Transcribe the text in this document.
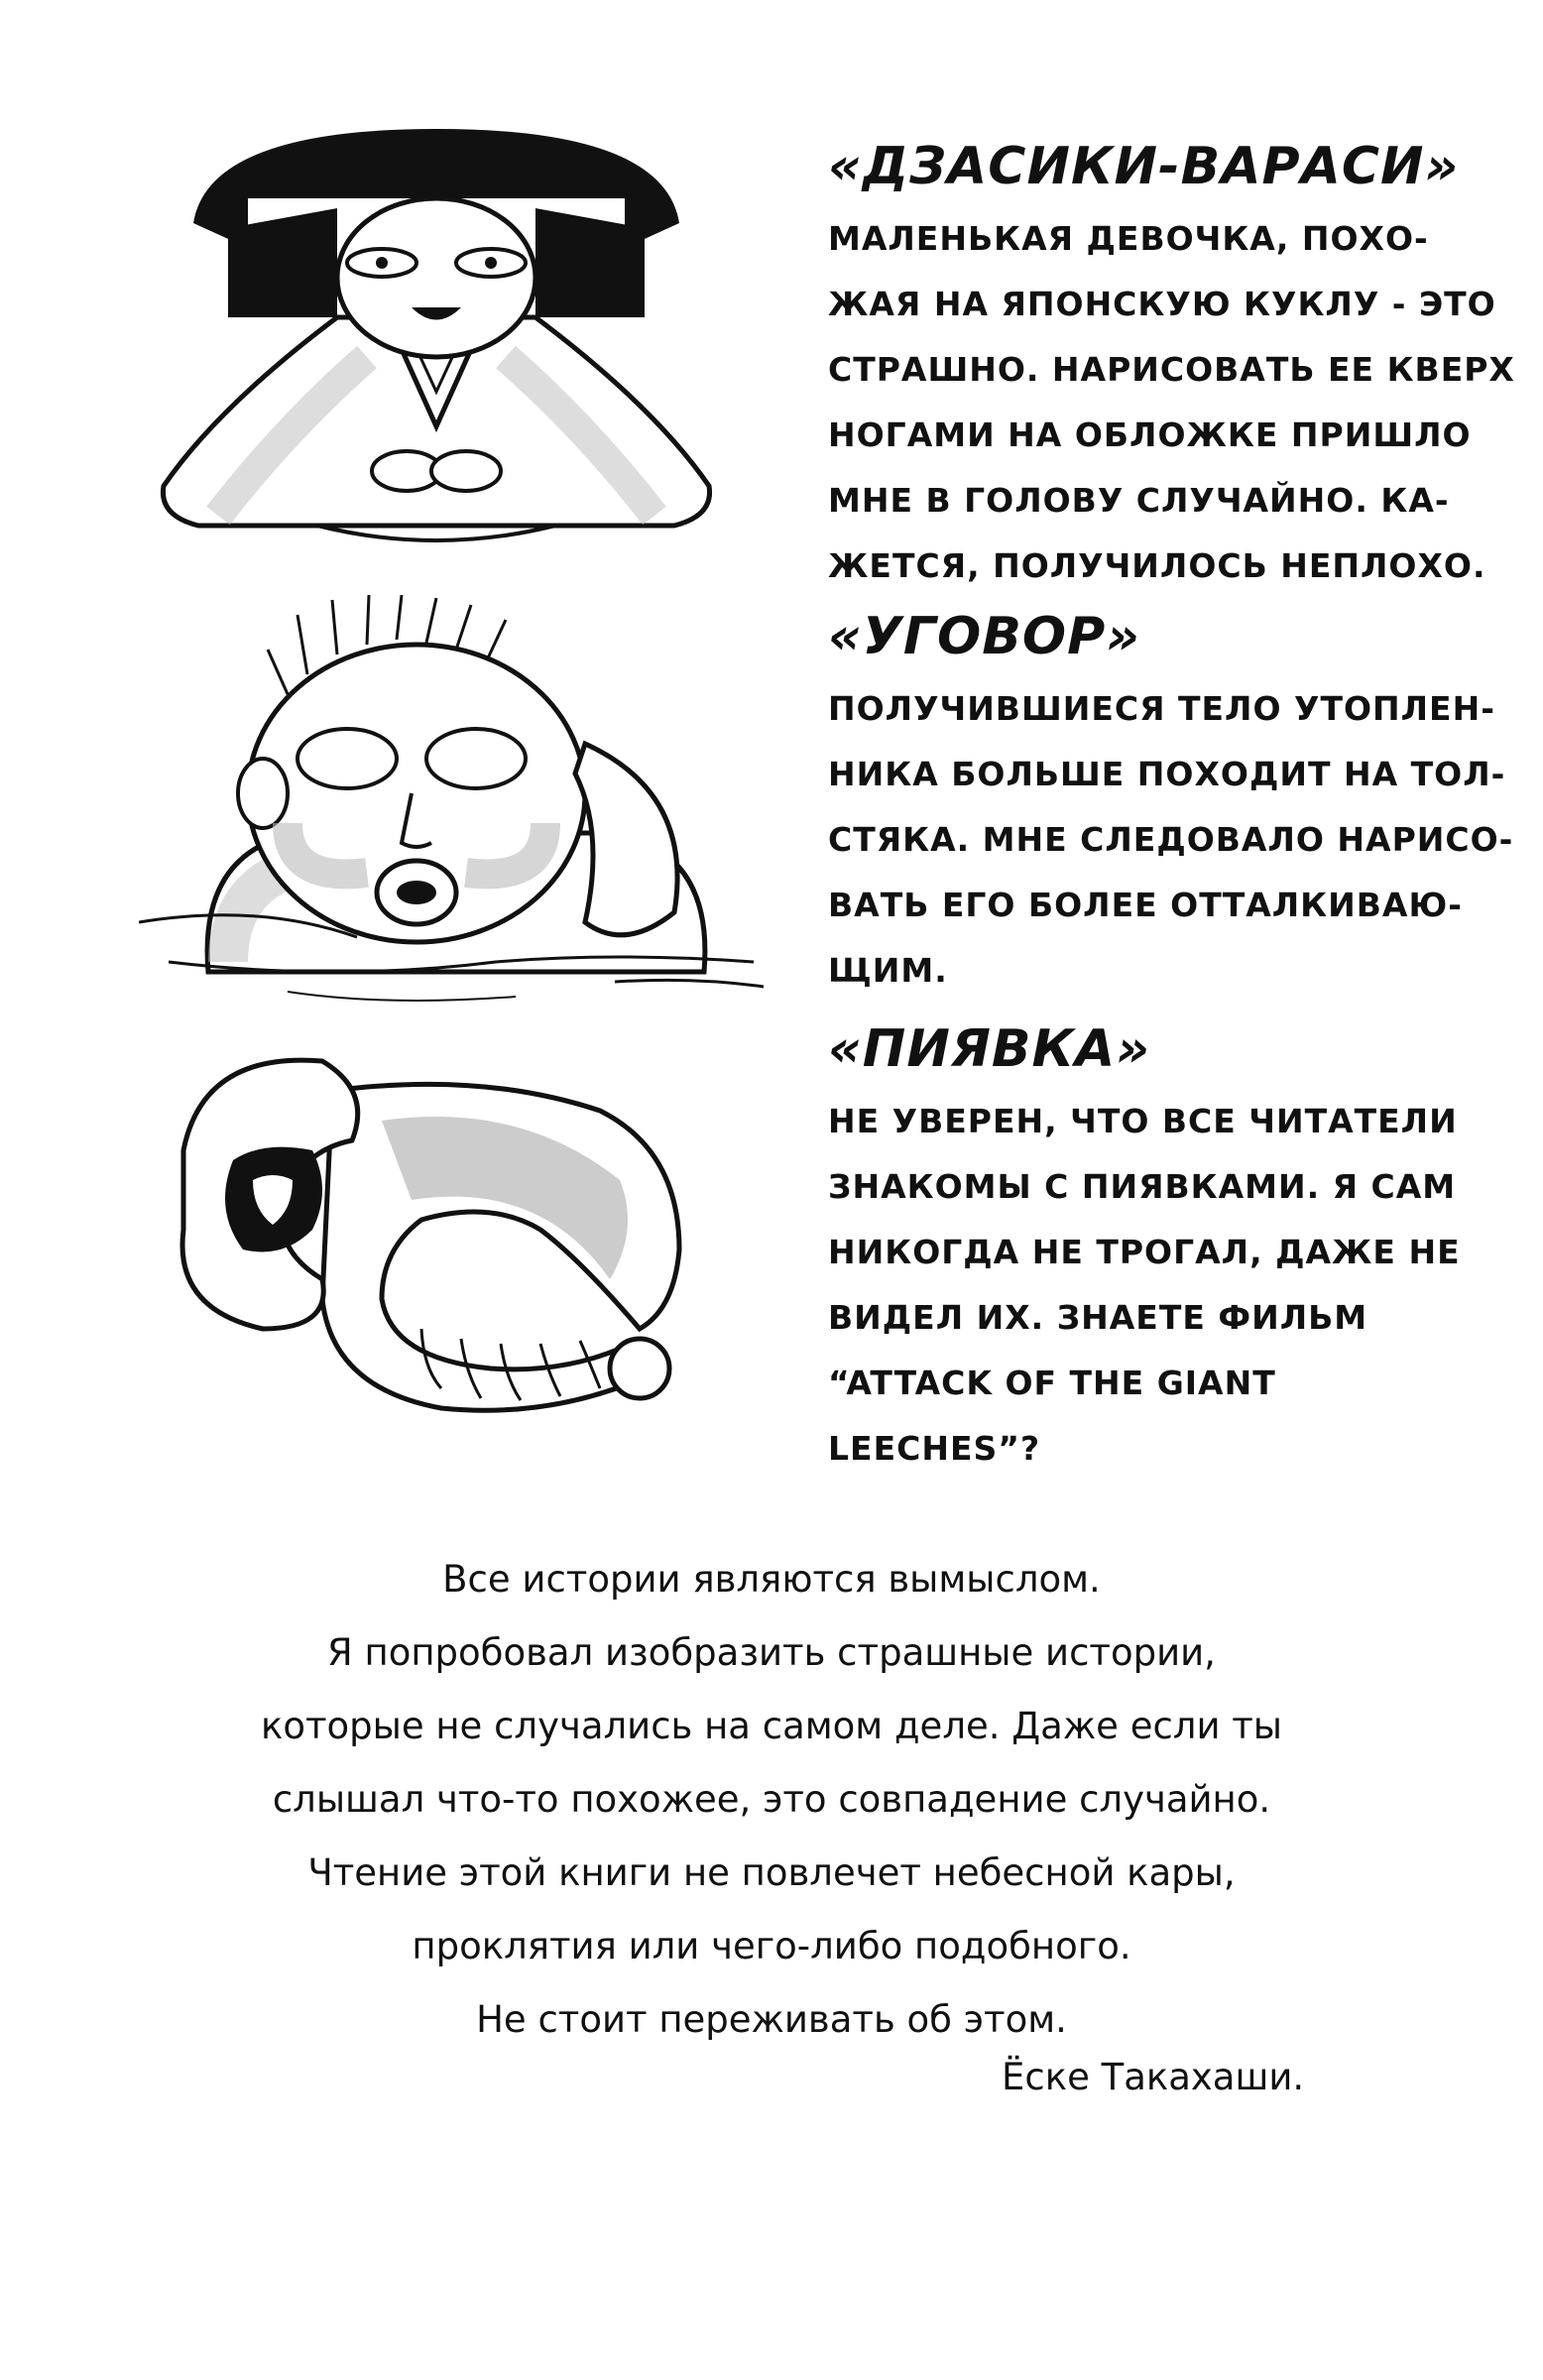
«ДЗАСИКИ-ВАРАСИ»
МАЛЕНЬКАЯ ДЕВОЧКА, ПОХО-
ЖАЯ НА ЯПОНСКУЮ КУКЛУ - ЭТО
СТРАШНО. НАРИСОВАТЬ ЕЕ КВЕРХ
НОГАМИ НА ОБЛОЖКЕ ПРИШЛО
МНЕ В ГОЛОВУ СЛУЧАЙНО. КА-
ЖЕТСЯ, ПОЛУЧИЛОСЬ НЕПЛОХО.
«УГОВОР»
ПОЛУЧИВШИЕСЯ ТЕЛО УТОПЛЕН-
НИКА БОЛЬШЕ ПОХОДИТ НА ТОЛ-
СТЯКА. МНЕ СЛЕДОВАЛО НАРИСО-
ВАТЬ ЕГО БОЛЕЕ ОТТАЛКИВАЮ-
ЩИМ.
«ПИЯВКА»
НЕ УВЕРЕН, ЧТО ВСЕ ЧИТАТЕЛИ
ЗНАКОМЫ С ПИЯВКАМИ. Я САМ
НИКОГДА НЕ ТРОГАЛ, ДАЖЕ НЕ
ВИДЕЛ ИХ. ЗНАЕТЕ ФИЛЬМ
“ATTACK OF THE GIANT
LEECHES”?
Все истории являются вымыслом.
Я попробовал изобразить страшные истории,
которые не случались на самом деле. Даже если ты
слышал что-то похожее, это совпадение случайно.
Чтение этой книги не повлечет небесной кары,
проклятия или чего-либо подобного.
Не стоит переживать об этом.
Ёске Такахаши.
